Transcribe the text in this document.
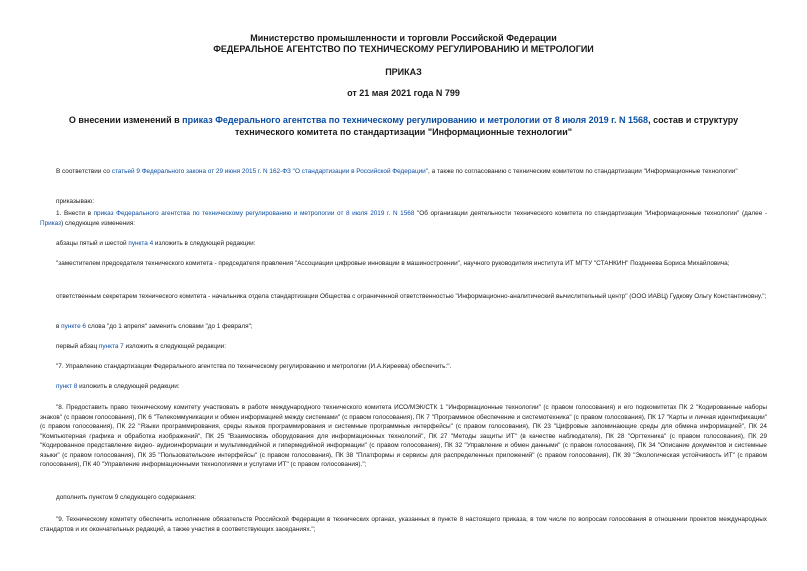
Министерство промышленности и торговли Российской Федерации
ФЕДЕРАЛЬНОЕ АГЕНТСТВО ПО ТЕХНИЧЕСКОМУ РЕГУЛИРОВАНИЮ И МЕТРОЛОГИИ
ПРИКАЗ
от 21 мая 2021 года N 799
О внесении изменений в приказ Федерального агентства по техническому регулированию и метрологии от 8 июля 2019 г. N 1568, состав и структуру технического комитета по стандартизации "Информационные технологии"
В соответствии со статьей 9 Федерального закона от 29 июня 2015 г. N 162-ФЗ "О стандартизации в Российской Федерации", а также по согласованию с техническим комитетом по стандартизации "Информационные технологии"
приказываю:
1. Внести в приказ Федерального агентства по техническому регулированию и метрологии от 8 июля 2019 г. N 1568 "Об организации деятельности технического комитета по стандартизации "Информационные технологии" (далее - Приказ) следующие изменения:
абзацы пятый и шестой пункта 4 изложить в следующей редакции:
"заместителем председателя технического комитета - председателя правления "Ассоциации цифровые инновации в машиностроении", научного руководителя института ИТ МГТУ "СТАНКИН" Позднеева Бориса Михайловича;
ответственным секретарем технического комитета - начальника отдела стандартизации Общества с ограниченной ответственностью "Информационно-аналитический вычислительный центр" (ООО ИАВЦ) Гудкову Ольгу Константиновну.";
в пункте 6 слова "до 1 апреля" заменить словами "до 1 февраля";
первый абзац пункта 7 изложить в следующей редакции:
"7. Управлению стандартизации Федерального агентства по техническому регулированию и метрологии (И.А.Киреева) обеспечить:".
пункт 8 изложить в следующей редакции:
"8. Предоставить право техническому комитету участвовать в работе международного технического комитета ИСО/МЭК/СТК 1 "Информационные технологии" (с правом голосования) и его подкомитетах ПК 2 "Кодированные наборы знаков" (с правом голосования), ПК 6 "Телекоммуникации и обмен информацией между системами" (с правом голосования), ПК 7 "Программное обеспечение и системотехника" (с правом голосования), ПК 17 "Карты и личная идентификации" (с правом голосования), ПК 22 "Языки программирования, среды языков программирования и системные программные интерфейсы" (с правом голосования), ПК 23 "Цифровые запоминающие среды для обмена информацией", ПК 24 "Компьютерная графика и обработка изображений", ПК 25 "Взаимосвязь оборудования для информационных технологий", ПК 27 "Методы защиты ИТ" (в качестве наблюдателя), ПК 28 "Оргтехника" (с правом голосования), ПК 29 "Кодированное представление видео- аудиоинформации и мультимедийной и гипермедийной информации" (с правом голосования), ПК 32 "Управление и обмен данными" (с правом голосования), ПК 34 "Описание документов и системные языки" (с правом голосования), ПК 35 "Пользовательские интерфейсы" (с правом голосования), ПК 38 "Платформы и сервисы для распределенных приложений" (с правом голосования), ПК 39 "Экологическая устойчивость ИТ" (с правом голосования), ПК 40 "Управление информационными технологиями и услугами ИТ" (с правом голосования).";
дополнить пунктом 9 следующего содержания:
"9. Техническому комитету обеспечить исполнение обязательств Российской Федерации в технических органах, указанных в пункте 8 настоящего приказа, в том числе по вопросам голосования в отношении проектов международных стандартов и их окончательных редакций, а также участия в соответствующих заседаниях.";
